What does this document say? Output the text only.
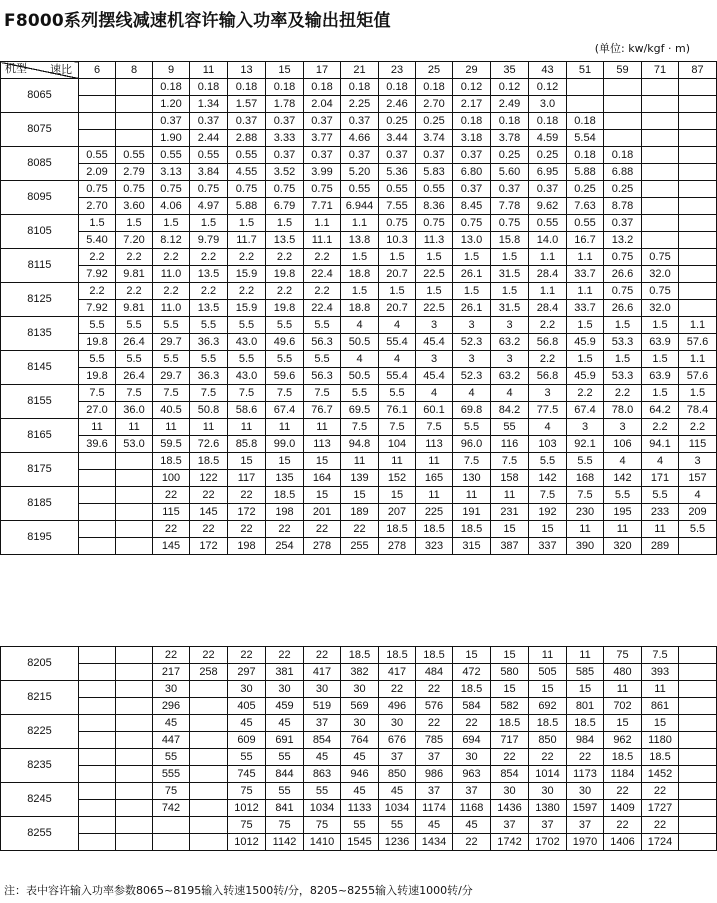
F8000系列摆线减速机容许输入功率及输出扭矩值
(单位: kw/kgf · m)
速比
机型	6	8	9	11	13	15	17	21	23	25	29	35	43	51	59	71	87
8065			0.18	0.18	0.18	0.18	0.18	0.18	0.18	0.18	0.12	0.12	0.12				
			1.20	1.34	1.57	1.78	2.04	2.25	2.46	2.70	2.17	2.49	3.0				
8075			0.37	0.37	0.37	0.37	0.37	0.37	0.25	0.25	0.18	0.18	0.18	0.18			
			1.90	2.44	2.88	3.33	3.77	4.66	3.44	3.74	3.18	3.78	4.59	5.54			
8085	0.55	0.55	0.55	0.55	0.55	0.37	0.37	0.37	0.37	0.37	0.37	0.25	0.25	0.18	0.18		
	2.09	2.79	3.13	3.84	4.55	3.52	3.99	5.20	5.36	5.83	6.80	5.60	6.95	5.88	6.88		
8095	0.75	0.75	0.75	0.75	0.75	0.75	0.75	0.55	0.55	0.55	0.37	0.37	0.37	0.25	0.25		
	2.70	3.60	4.06	4.97	5.88	6.79	7.71	6.944	7.55	8.36	8.45	7.78	9.62	7.63	8.78		
8105	1.5	1.5	1.5	1.5	1.5	1.5	1.1	1.1	0.75	0.75	0.75	0.75	0.55	0.55	0.37		
	5.40	7.20	8.12	9.79	11.7	13.5	11.1	13.8	10.3	11.3	13.0	15.8	14.0	16.7	13.2		
8115	2.2	2.2	2.2	2.2	2.2	2.2	2.2	1.5	1.5	1.5	1.5	1.5	1.1	1.1	0.75	0.75	
	7.92	9.81	11.0	13.5	15.9	19.8	22.4	18.8	20.7	22.5	26.1	31.5	28.4	33.7	26.6	32.0	
8125	2.2	2.2	2.2	2.2	2.2	2.2	2.2	1.5	1.5	1.5	1.5	1.5	1.1	1.1	0.75	0.75	
	7.92	9.81	11.0	13.5	15.9	19.8	22.4	18.8	20.7	22.5	26.1	31.5	28.4	33.7	26.6	32.0	
8135	5.5	5.5	5.5	5.5	5.5	5.5	5.5	4	4	3	3	3	2.2	1.5	1.5	1.5	1.1
	19.8	26.4	29.7	36.3	43.0	49.6	56.3	50.5	55.4	45.4	52.3	63.2	56.8	45.9	53.3	63.9	57.6
8145	5.5	5.5	5.5	5.5	5.5	5.5	5.5	4	4	3	3	3	2.2	1.5	1.5	1.5	1.1
	19.8	26.4	29.7	36.3	43.0	59.6	56.3	50.5	55.4	45.4	52.3	63.2	56.8	45.9	53.3	63.9	57.6
8155	7.5	7.5	7.5	7.5	7.5	7.5	7.5	5.5	5.5	4	4	4	3	2.2	2.2	1.5	1.5
	27.0	36.0	40.5	50.8	58.6	67.4	76.7	69.5	76.1	60.1	69.8	84.2	77.5	67.4	78.0	64.2	78.4
8165	11	11	11	11	11	11	11	7.5	7.5	7.5	5.5	55	4	3	3	2.2	2.2
	39.6	53.0	59.5	72.6	85.8	99.0	113	94.8	104	113	96.0	116	103	92.1	106	94.1	115
8175			18.5	18.5	15	15	15	11	11	11	7.5	7.5	5.5	5.5	4	4	3
			100	122	117	135	164	139	152	165	130	158	142	168	142	171	157
8185			22	22	22	18.5	15	15	15	11	11	11	7.5	7.5	5.5	5.5	4
			115	145	172	198	201	189	207	225	191	231	192	230	195	233	209
8195			22	22	22	22	22	22	18.5	18.5	18.5	15	15	11	11	11	5.5
			145	172	198	254	278	255	278	323	315	387	337	390	320	289	
8205			22	22	22	22	22	18.5	18.5	18.5	15	15	11	11	75	7.5	
			217	258	297	381	417	382	417	484	472	580	505	585	480	393	
8215			30		30	30	30	30	22	22	18.5	15	15	15	11	11	
			296		405	459	519	569	496	576	584	582	692	801	702	861	
8225			45		45	45	37	30	30	22	22	18.5	18.5	18.5	15	15	
			447		609	691	854	764	676	785	694	717	850	984	962	1180	
8235			55		55	55	45	45	37	37	30	22	22	22	18.5	18.5	
			555		745	844	863	946	850	986	963	854	1014	1173	1184	1452	
8245			75		75	55	55	45	45	37	37	30	30	30	22	22	
			742		1012	841	1034	1133	1034	1174	1168	1436	1380	1597	1409	1727	
8255					75	75	75	55	55	45	45	37	37	37	22	22	
					1012	1142	1410	1545	1236	1434	22	1742	1702	1970	1406	1724	
注：表中容许输入功率参数8065~8195输入转速1500转/分，8205~8255输入转速1000转/分
